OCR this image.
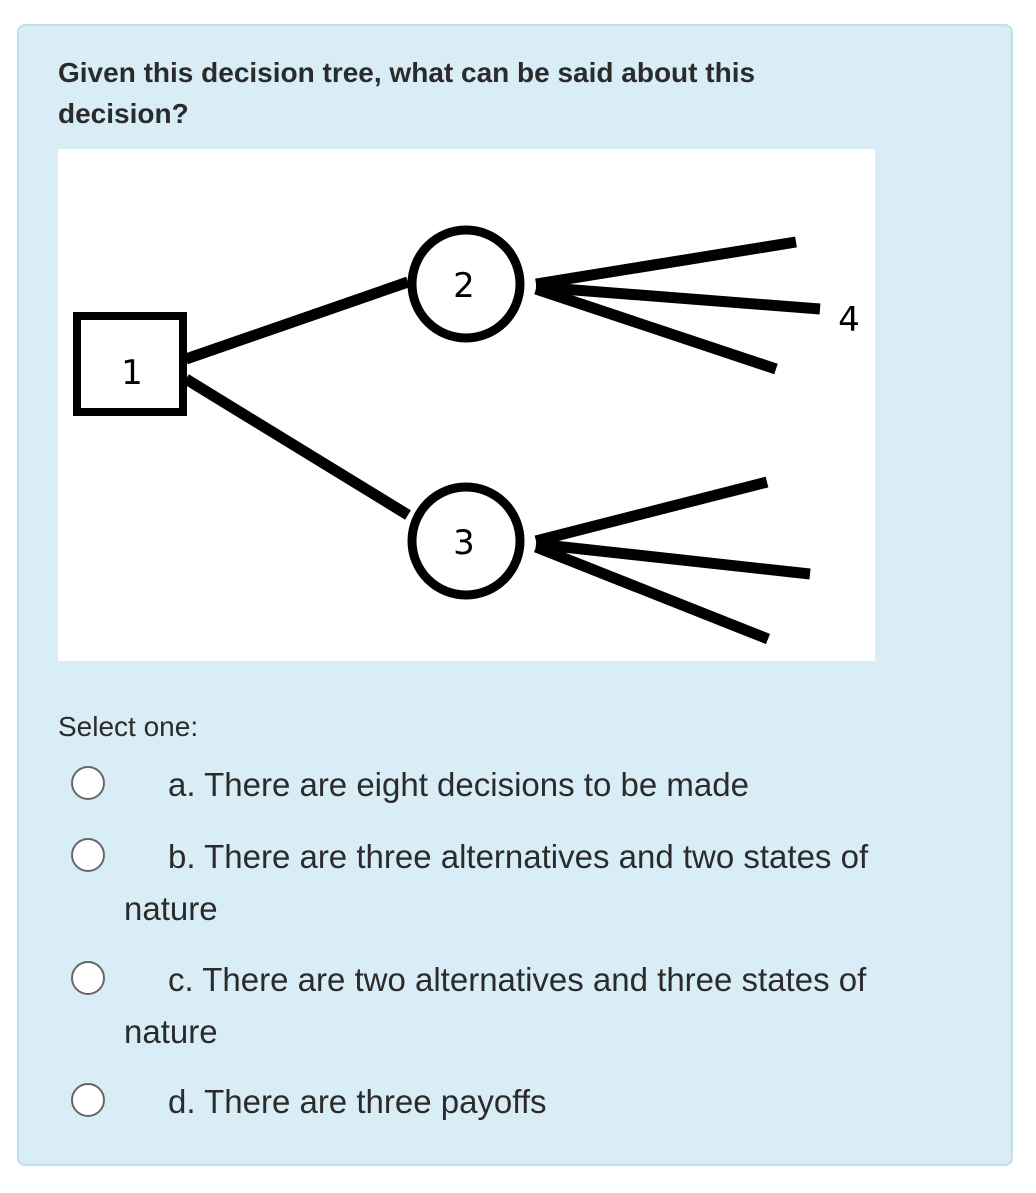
Given this decision tree, what can be said about this decision?

1
2
3
4
Select one:
a. There are eight decisions to be made
b. There are three alternatives and two states of nature
c. There are two alternatives and three states of nature
d. There are three payoffs
